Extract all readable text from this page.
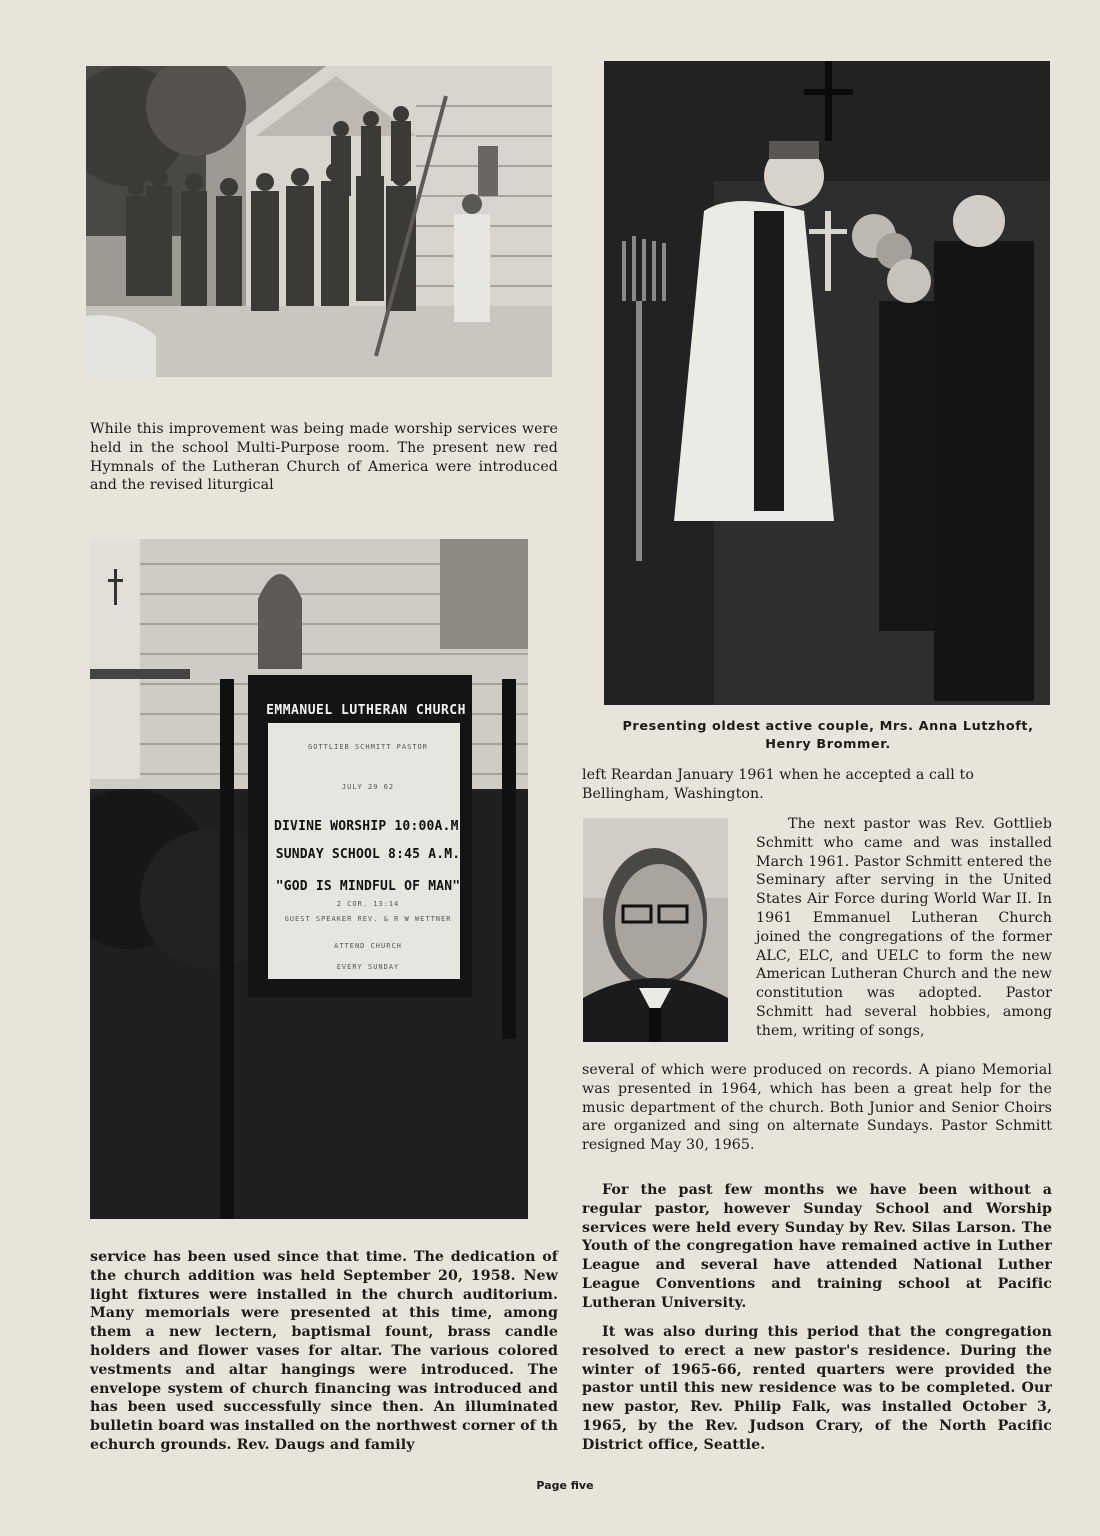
While this improvement was being made worship services were held in the school Multi-Purpose room. The present new red Hymnals of the Lutheran Church of America were introduced and the revised liturgical

EMMANUEL LUTHERAN CHURCH
GOTTLIEB SCHMITT PASTOR
JULY 29 62
DIVINE WORSHIP 10:00A.M.
SUNDAY SCHOOL 8:45 A.M.
"GOD IS MINDFUL OF MAN"
2 COR. 13:14
GUEST SPEAKER REV. & R W WETTNER
ATTEND CHURCH
EVERY SUNDAY

service has been used since that time. The dedication of the church addition was held September 20, 1958. New light fixtures were installed in the church auditorium. Many memorials were presented at this time, among them a new lectern, baptismal fount, brass candle holders and flower vases for altar. The various colored vestments and altar hangings were introduced. The envelope system of church financing was introduced and has been used successfully since then. An illuminated bulletin board was installed on the northwest corner of th echurch grounds. Rev. Daugs and family

Presenting oldest active couple, Mrs. Anna Lutzhoft,
Henry Brommer.

left Reardan January 1961 when he accepted a call to Bellingham, Washington.

The next pastor was Rev. Gottlieb Schmitt who came and was installed March 1961. Pastor Schmitt entered the Seminary after serving in the United States Air Force during World War II. In 1961 Emmanuel Lutheran Church joined the congregations of the former ALC, ELC, and UELC to form the new American Lutheran Church and the new constitution was adopted. Pastor Schmitt had several hobbies, among them, writing of songs,

several of which were produced on records. A piano Memorial was presented in 1964, which has been a great help for the music department of the church. Both Junior and Senior Choirs are organized and sing on alternate Sundays. Pastor Schmitt resigned May 30, 1965.

For the past few months we have been without a regular pastor, however Sunday School and Worship services were held every Sunday by Rev. Silas Larson. The Youth of the congregation have remained active in Luther League and several have attended National Luther League Conventions and training school at Pacific Lutheran University.

It was also during this period that the congregation resolved to erect a new pastor's residence. During the winter of 1965-66, rented quarters were provided the pastor until this new residence was to be completed. Our new pastor, Rev. Philip Falk, was installed October 3, 1965, by the Rev. Judson Crary, of the North Pacific District office, Seattle.

Page five
